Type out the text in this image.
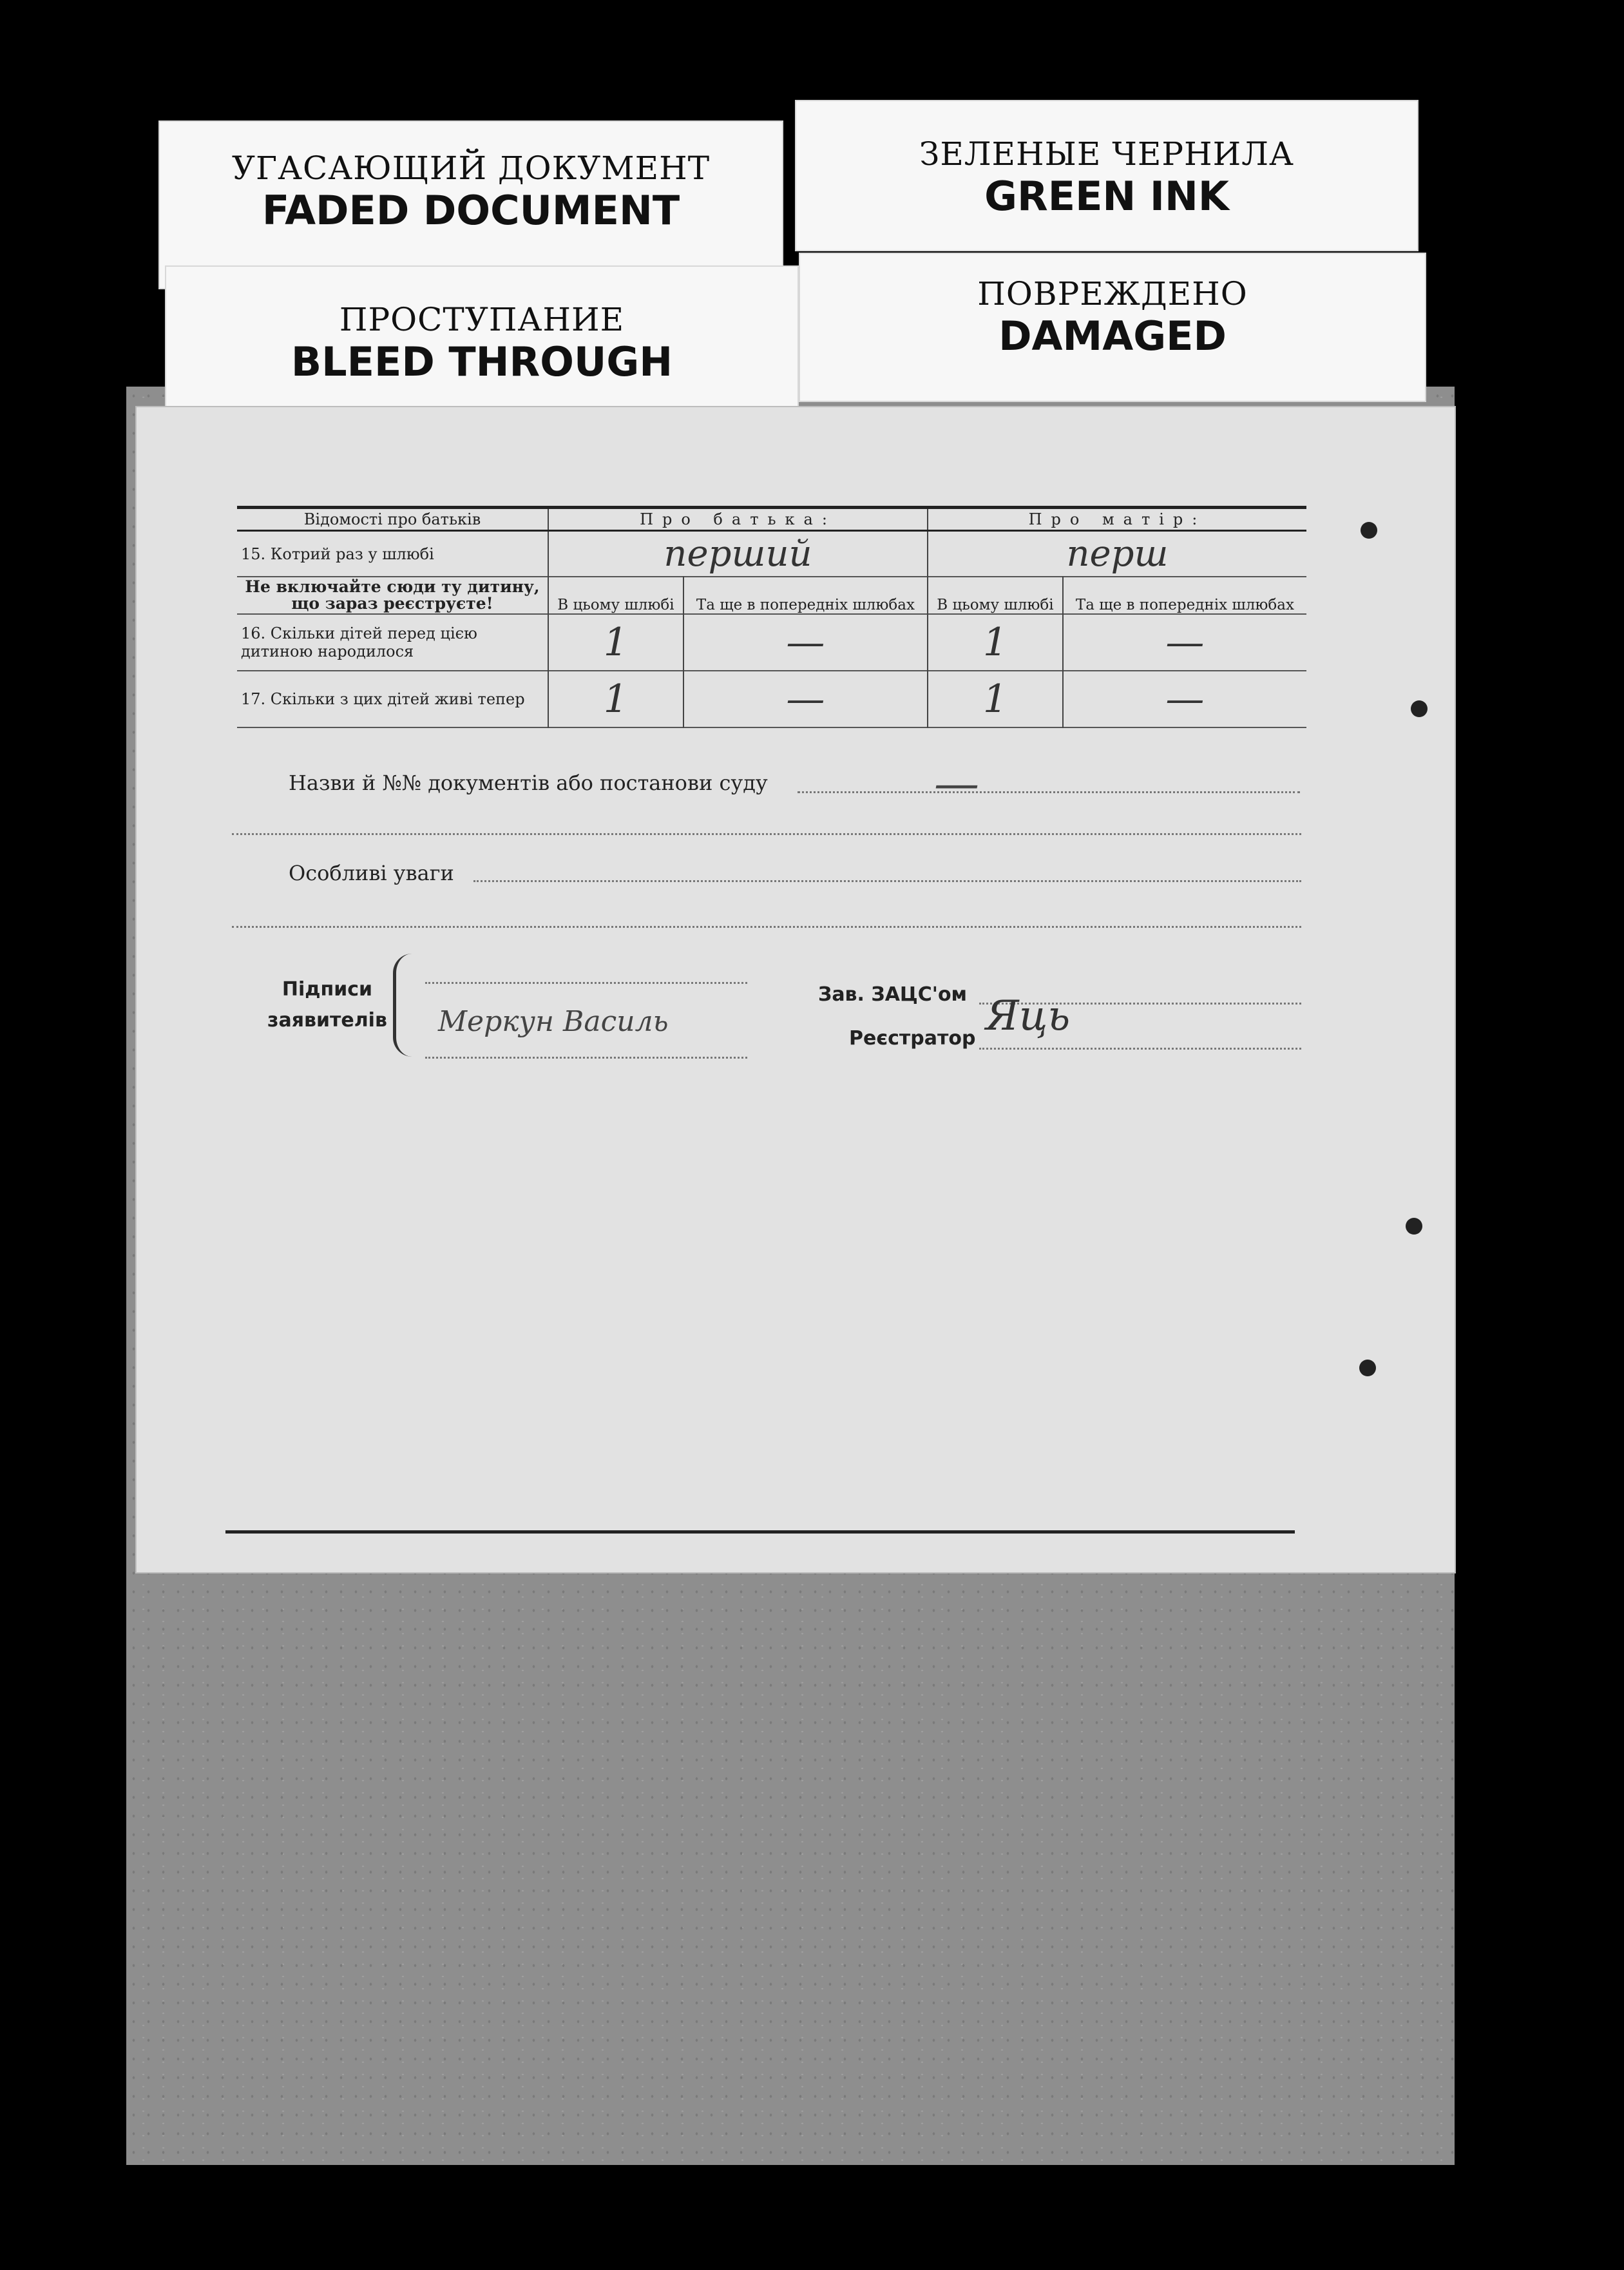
УГАСАЮЩИЙ ДОКУМЕНТ
FADED DOCUMENT
ЗЕЛЕНЫЕ ЧЕРНИЛА
GREEN INK
ПРОСТУПАНИЕ
BLEED THROUGH
ПОВРЕЖДЕНО
DAMAGED
Відомості про батьків	Про батька:		Про матір:	
15. Котрий раз у шлюбі	перший		перш	
Не включайте сюди ту дитину, що зараз реєструєте!	В цьому шлюбі	Та ще в попередніх шлюбах	В цьому шлюбі	Та ще в попередніх шлюбах
16. Скільки дітей перед цією дитиною народилося	1	—	1	—
17. Скільки з цих дітей живі тепер	1	—	1	—
Назви й №№ документів або постанови суду	—
Особливі уваги
Підписи заявителів Меркун Василь
Зав. ЗАЦС'ом
Реєстратор Яць
